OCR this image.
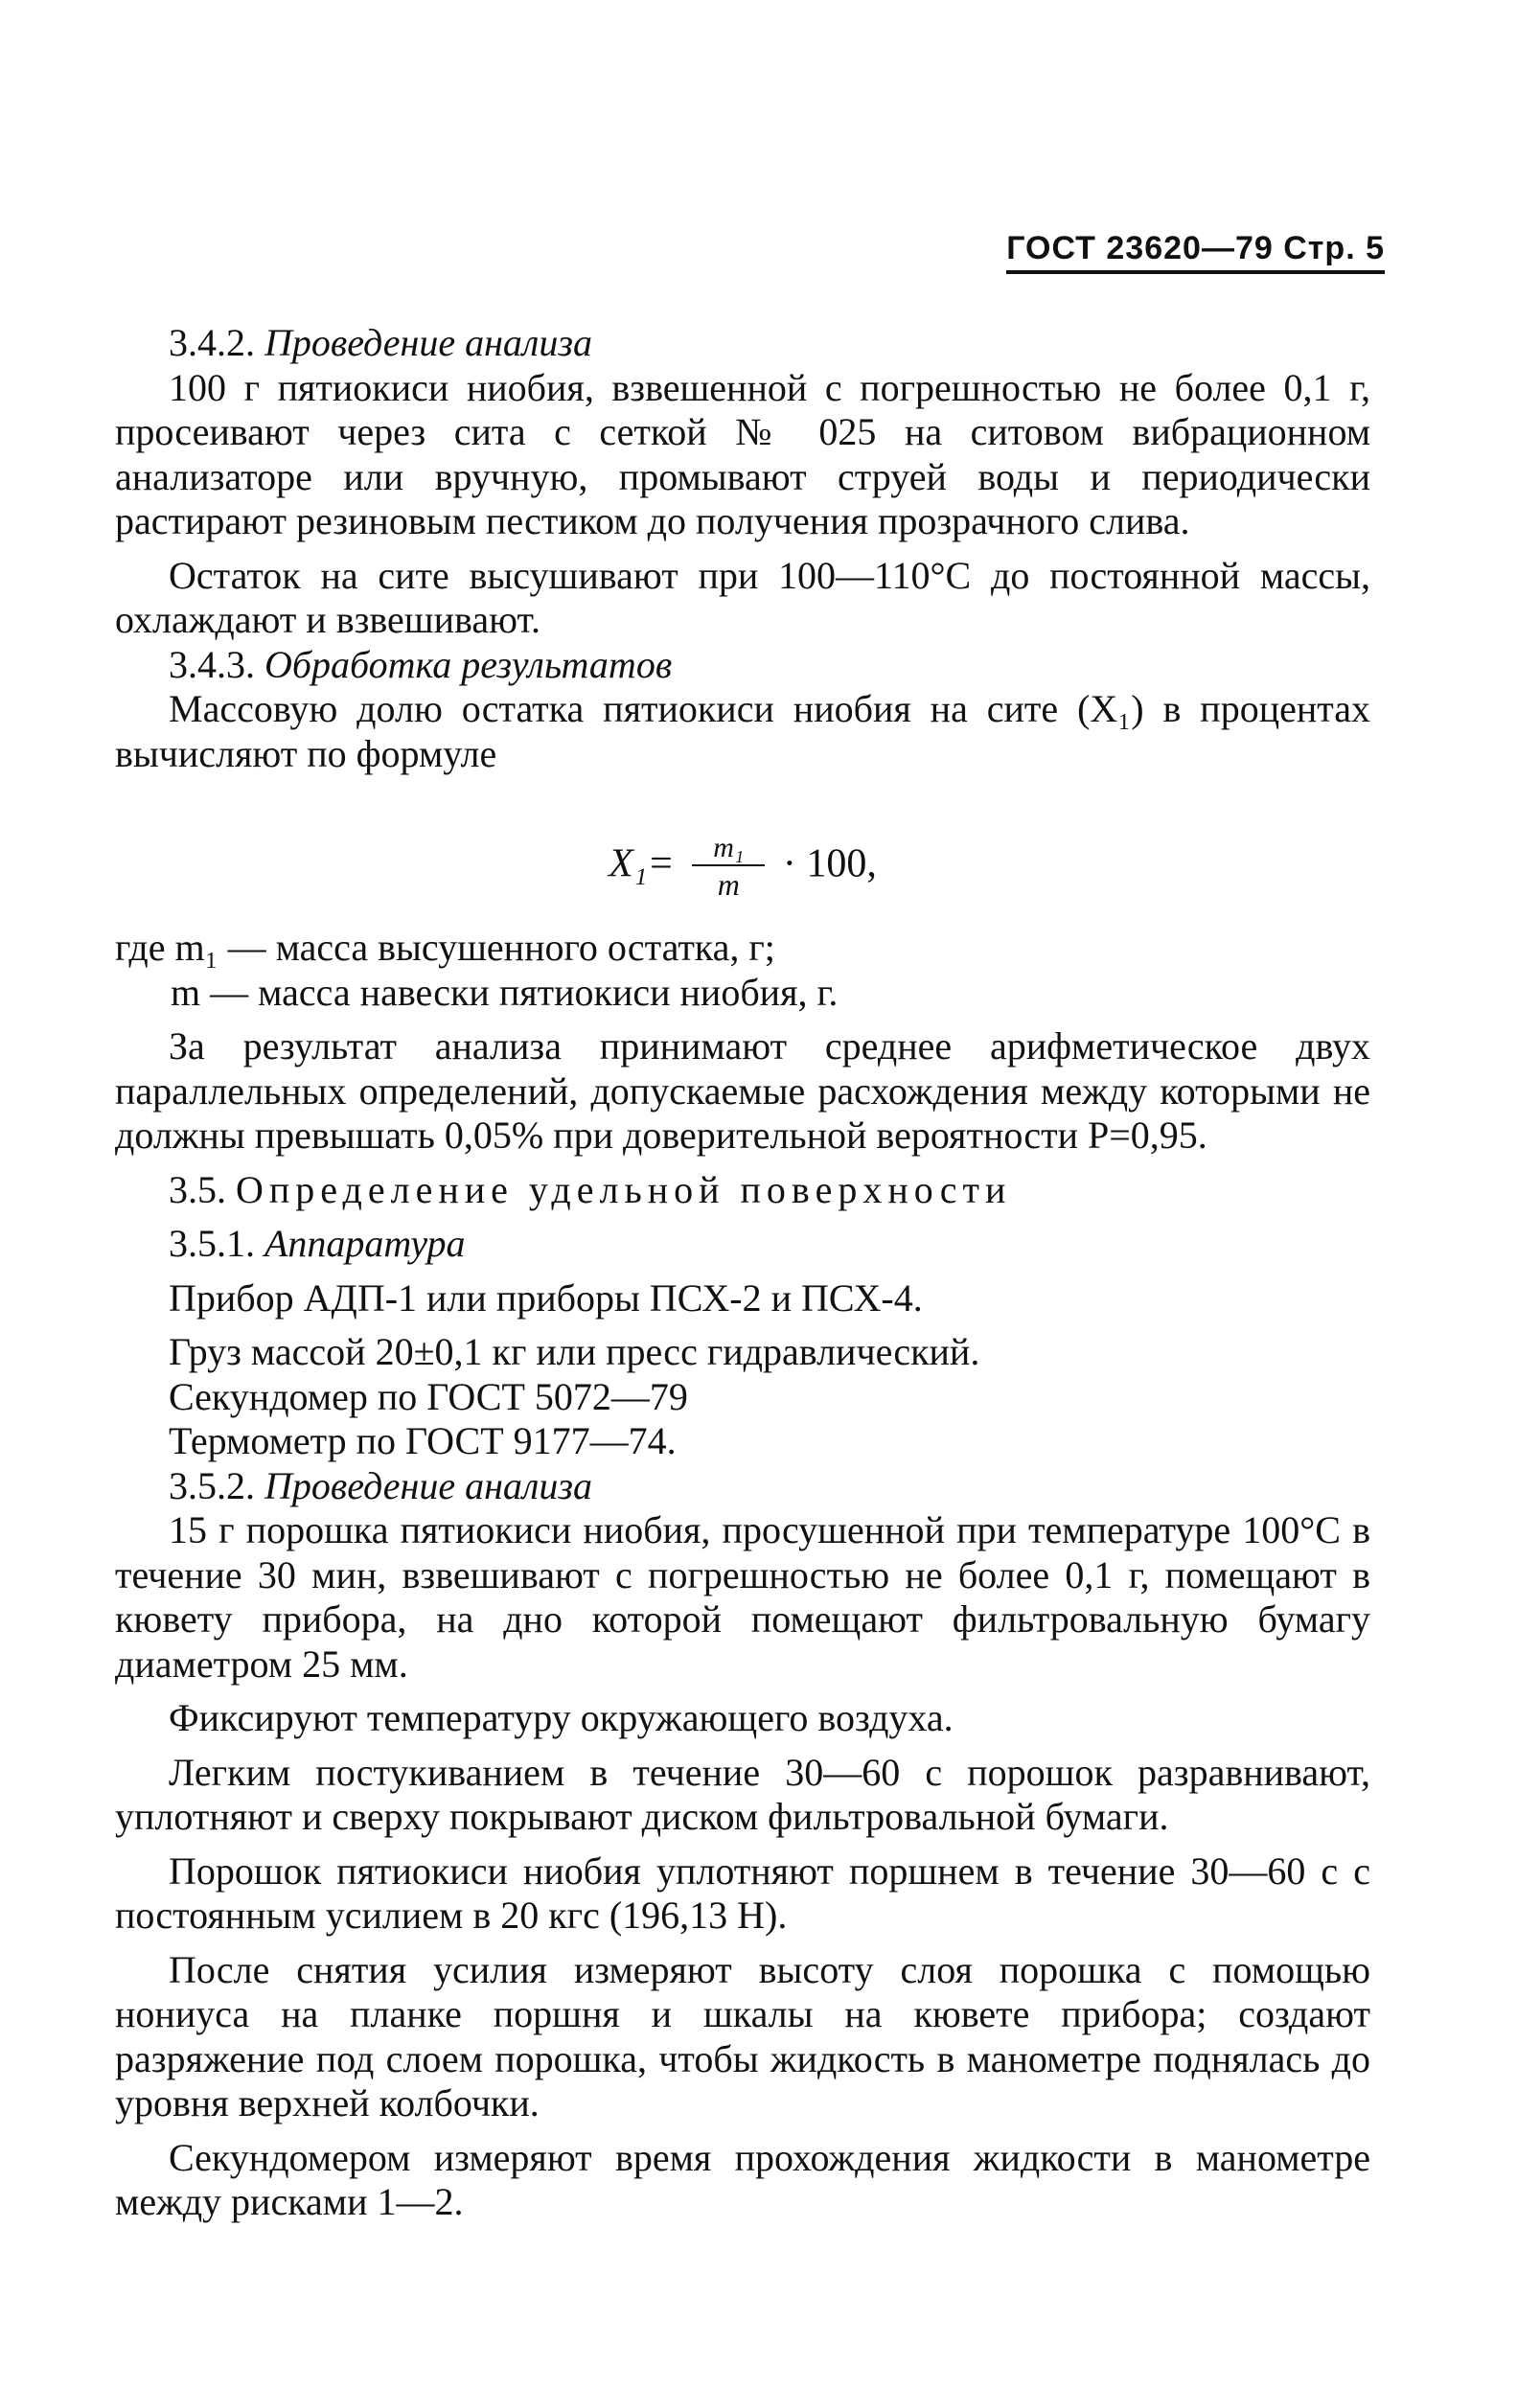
ГОСТ 23620—79 Стр. 5

3.4.2. Проведение анализа

100 г пятиокиси ниобия, взвешенной с погрешностью не более 0,1 г, просеивают через сита с сеткой № 025 на ситовом вибрационном анализаторе или вручную, промывают струей воды и периодически растирают резиновым пестиком до получения прозрачного слива.

Остаток на сите высушивают при 100—110°С до постоянной массы, охлаждают и взвешивают.

3.4.3. Обработка результатов

Массовую долю остатка пятиокиси ниобия на сите (X₁) в процентах вычисляют по формуле

$X_1= \frac{\text{m₁}}{m} \cdot 100$,
где m₁ — масса высушенного остатка, г;
m — масса навески пятиокиси ниобия, г.

За результат анализа принимают среднее арифметическое двух параллельных определений, допускаемые расхождения между которыми не должны превышать 0,05% при доверительной вероятности Р=0,95.

3.5. Определение удельной поверхности

3.5.1. Аппаратура

Прибор АДП-1 или приборы ПСХ-2 и ПСХ-4.

Груз массой 20±0,1 кг или пресс гидравлический.

Секундомер по ГОСТ 5072—79

Термометр по ГОСТ 9177—74.

3.5.2. Проведение анализа

15 г порошка пятиокиси ниобия, просушенной при температуре 100°С в течение 30 мин, взвешивают с погрешностью не более 0,1 г, помещают в кювету прибора, на дно которой помещают фильтровальную бумагу диаметром 25 мм.

Фиксируют температуру окружающего воздуха.

Легким постукиванием в течение 30—60 с порошок разравнивают, уплотняют и сверху покрывают диском фильтровальной бумаги.

Порошок пятиокиси ниобия уплотняют поршнем в течение 30—60 с с постоянным усилием в 20 кгс (196,13 Н).

После снятия усилия измеряют высоту слоя порошка с помощью нониуса на планке поршня и шкалы на кювете прибора; создают разряжение под слоем порошка, чтобы жидкость в манометре поднялась до уровня верхней колбочки.

Секундомером измеряют время прохождения жидкости в манометре между рисками 1—2.
